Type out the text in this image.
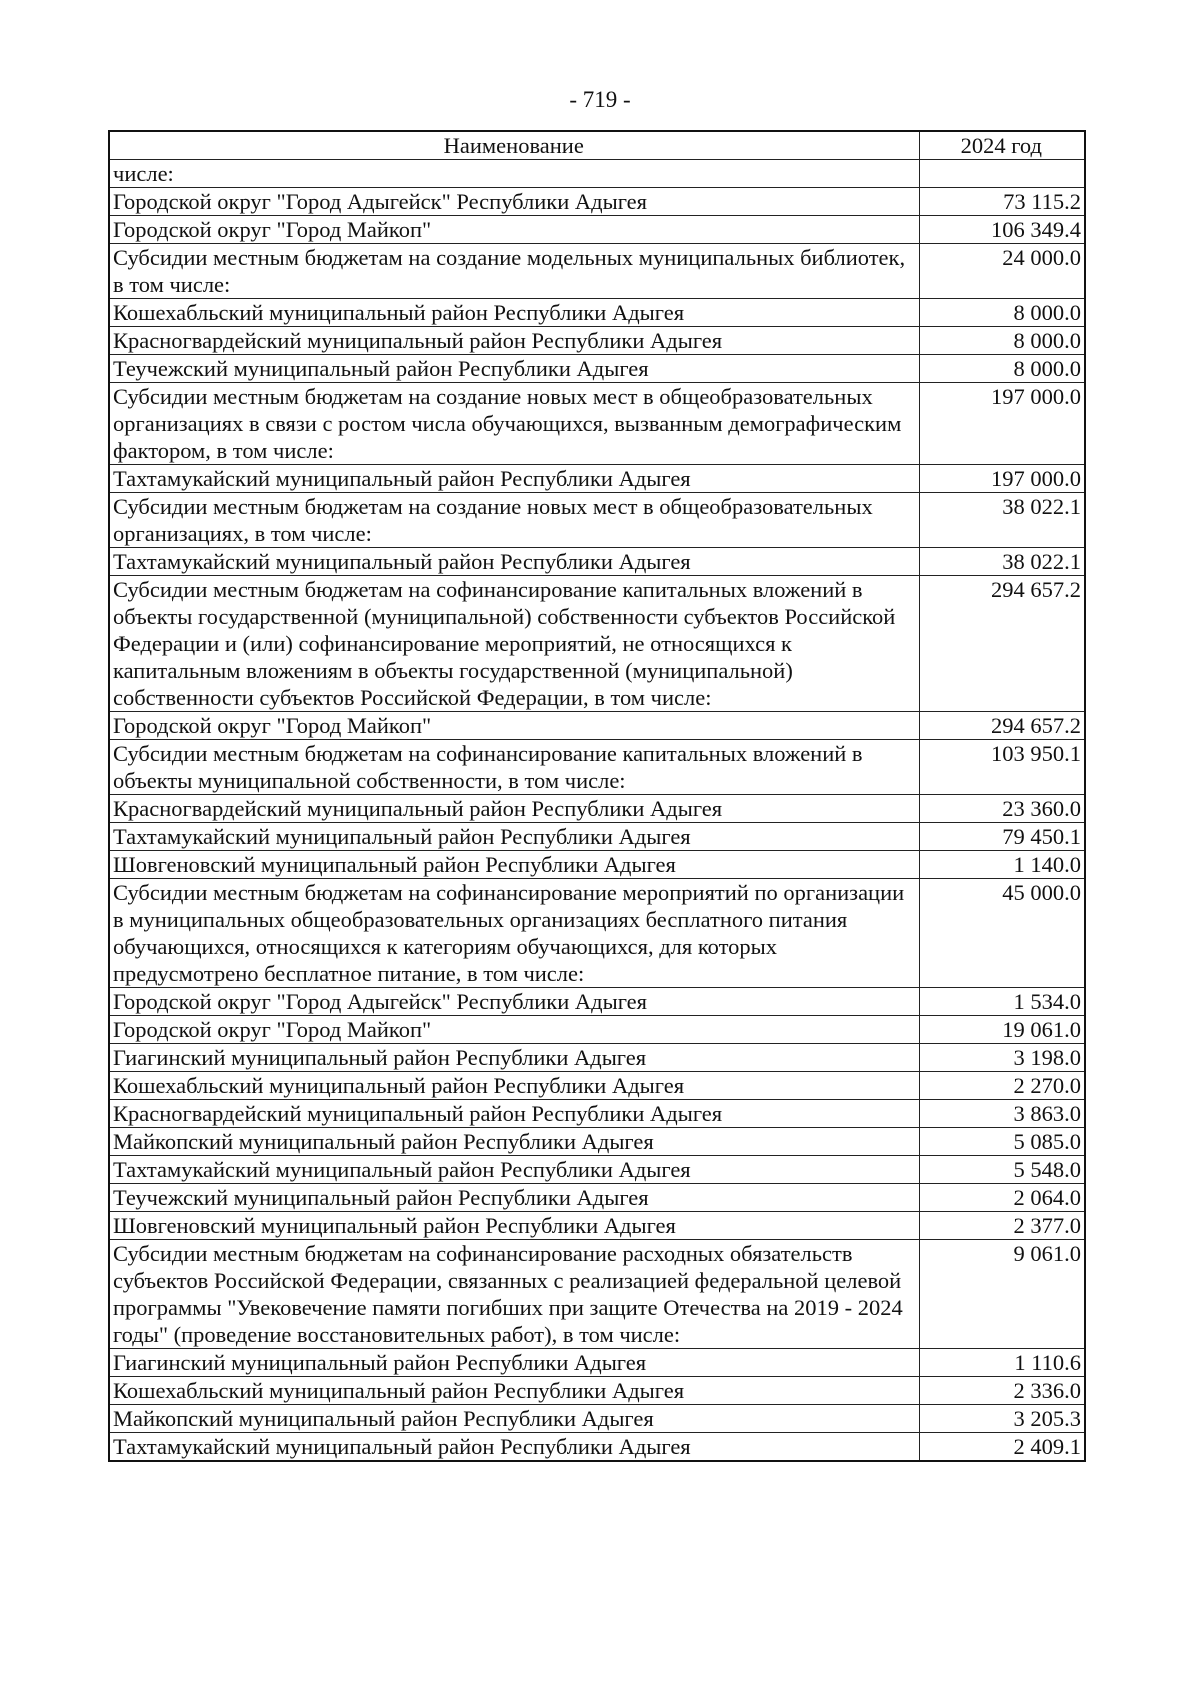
- 719 -
Наименование	2024 год
числе:	
Городской округ "Город Адыгейск" Республики Адыгея	73 115.2
Городской округ "Город Майкоп"	106 349.4
Субсидии местным бюджетам на создание модельных муниципальных библиотек, в том числе:	24 000.0
Кошехабльский муниципальный район Республики Адыгея	8 000.0
Красногвардейский муниципальный район Республики Адыгея	8 000.0
Теучежский муниципальный район Республики Адыгея	8 000.0
Субсидии местным бюджетам на создание новых мест в общеобразовательных организациях в связи с ростом числа обучающихся, вызванным демографическим фактором, в том числе:	197 000.0
Тахтамукайский муниципальный район Республики Адыгея	197 000.0
Субсидии местным бюджетам на создание новых мест в общеобразовательных организациях, в том числе:	38 022.1
Тахтамукайский муниципальный район Республики Адыгея	38 022.1
Субсидии местным бюджетам на софинансирование капитальных вложений в объекты государственной (муниципальной) собственности субъектов Российской Федерации и (или) софинансирование мероприятий, не относящихся к капитальным вложениям в объекты государственной (муниципальной) собственности субъектов Российской Федерации, в том числе:	294 657.2
Городской округ "Город Майкоп"	294 657.2
Субсидии местным бюджетам на софинансирование капитальных вложений в объекты муниципальной собственности, в том числе:	103 950.1
Красногвардейский муниципальный район Республики Адыгея	23 360.0
Тахтамукайский муниципальный район Республики Адыгея	79 450.1
Шовгеновский муниципальный район Республики Адыгея	1 140.0
Субсидии местным бюджетам на софинансирование мероприятий по организации в муниципальных общеобразовательных организациях бесплатного питания обучающихся, относящихся к категориям обучающихся, для которых предусмотрено бесплатное питание, в том числе:	45 000.0
Городской округ "Город Адыгейск" Республики Адыгея	1 534.0
Городской округ "Город Майкоп"	19 061.0
Гиагинский муниципальный район Республики Адыгея	3 198.0
Кошехабльский муниципальный район Республики Адыгея	2 270.0
Красногвардейский муниципальный район Республики Адыгея	3 863.0
Майкопский муниципальный район Республики Адыгея	5 085.0
Тахтамукайский муниципальный район Республики Адыгея	5 548.0
Теучежский муниципальный район Республики Адыгея	2 064.0
Шовгеновский муниципальный район Республики Адыгея	2 377.0
Субсидии местным бюджетам на софинансирование расходных обязательств субъектов Российской Федерации, связанных с реализацией федеральной целевой программы "Увековечение памяти погибших при защите Отечества на 2019 - 2024 годы" (проведение восстановительных работ), в том числе:	9 061.0
Гиагинский муниципальный район Республики Адыгея	1 110.6
Кошехабльский муниципальный район Республики Адыгея	2 336.0
Майкопский муниципальный район Республики Адыгея	3 205.3
Тахтамукайский муниципальный район Республики Адыгея	2 409.1
